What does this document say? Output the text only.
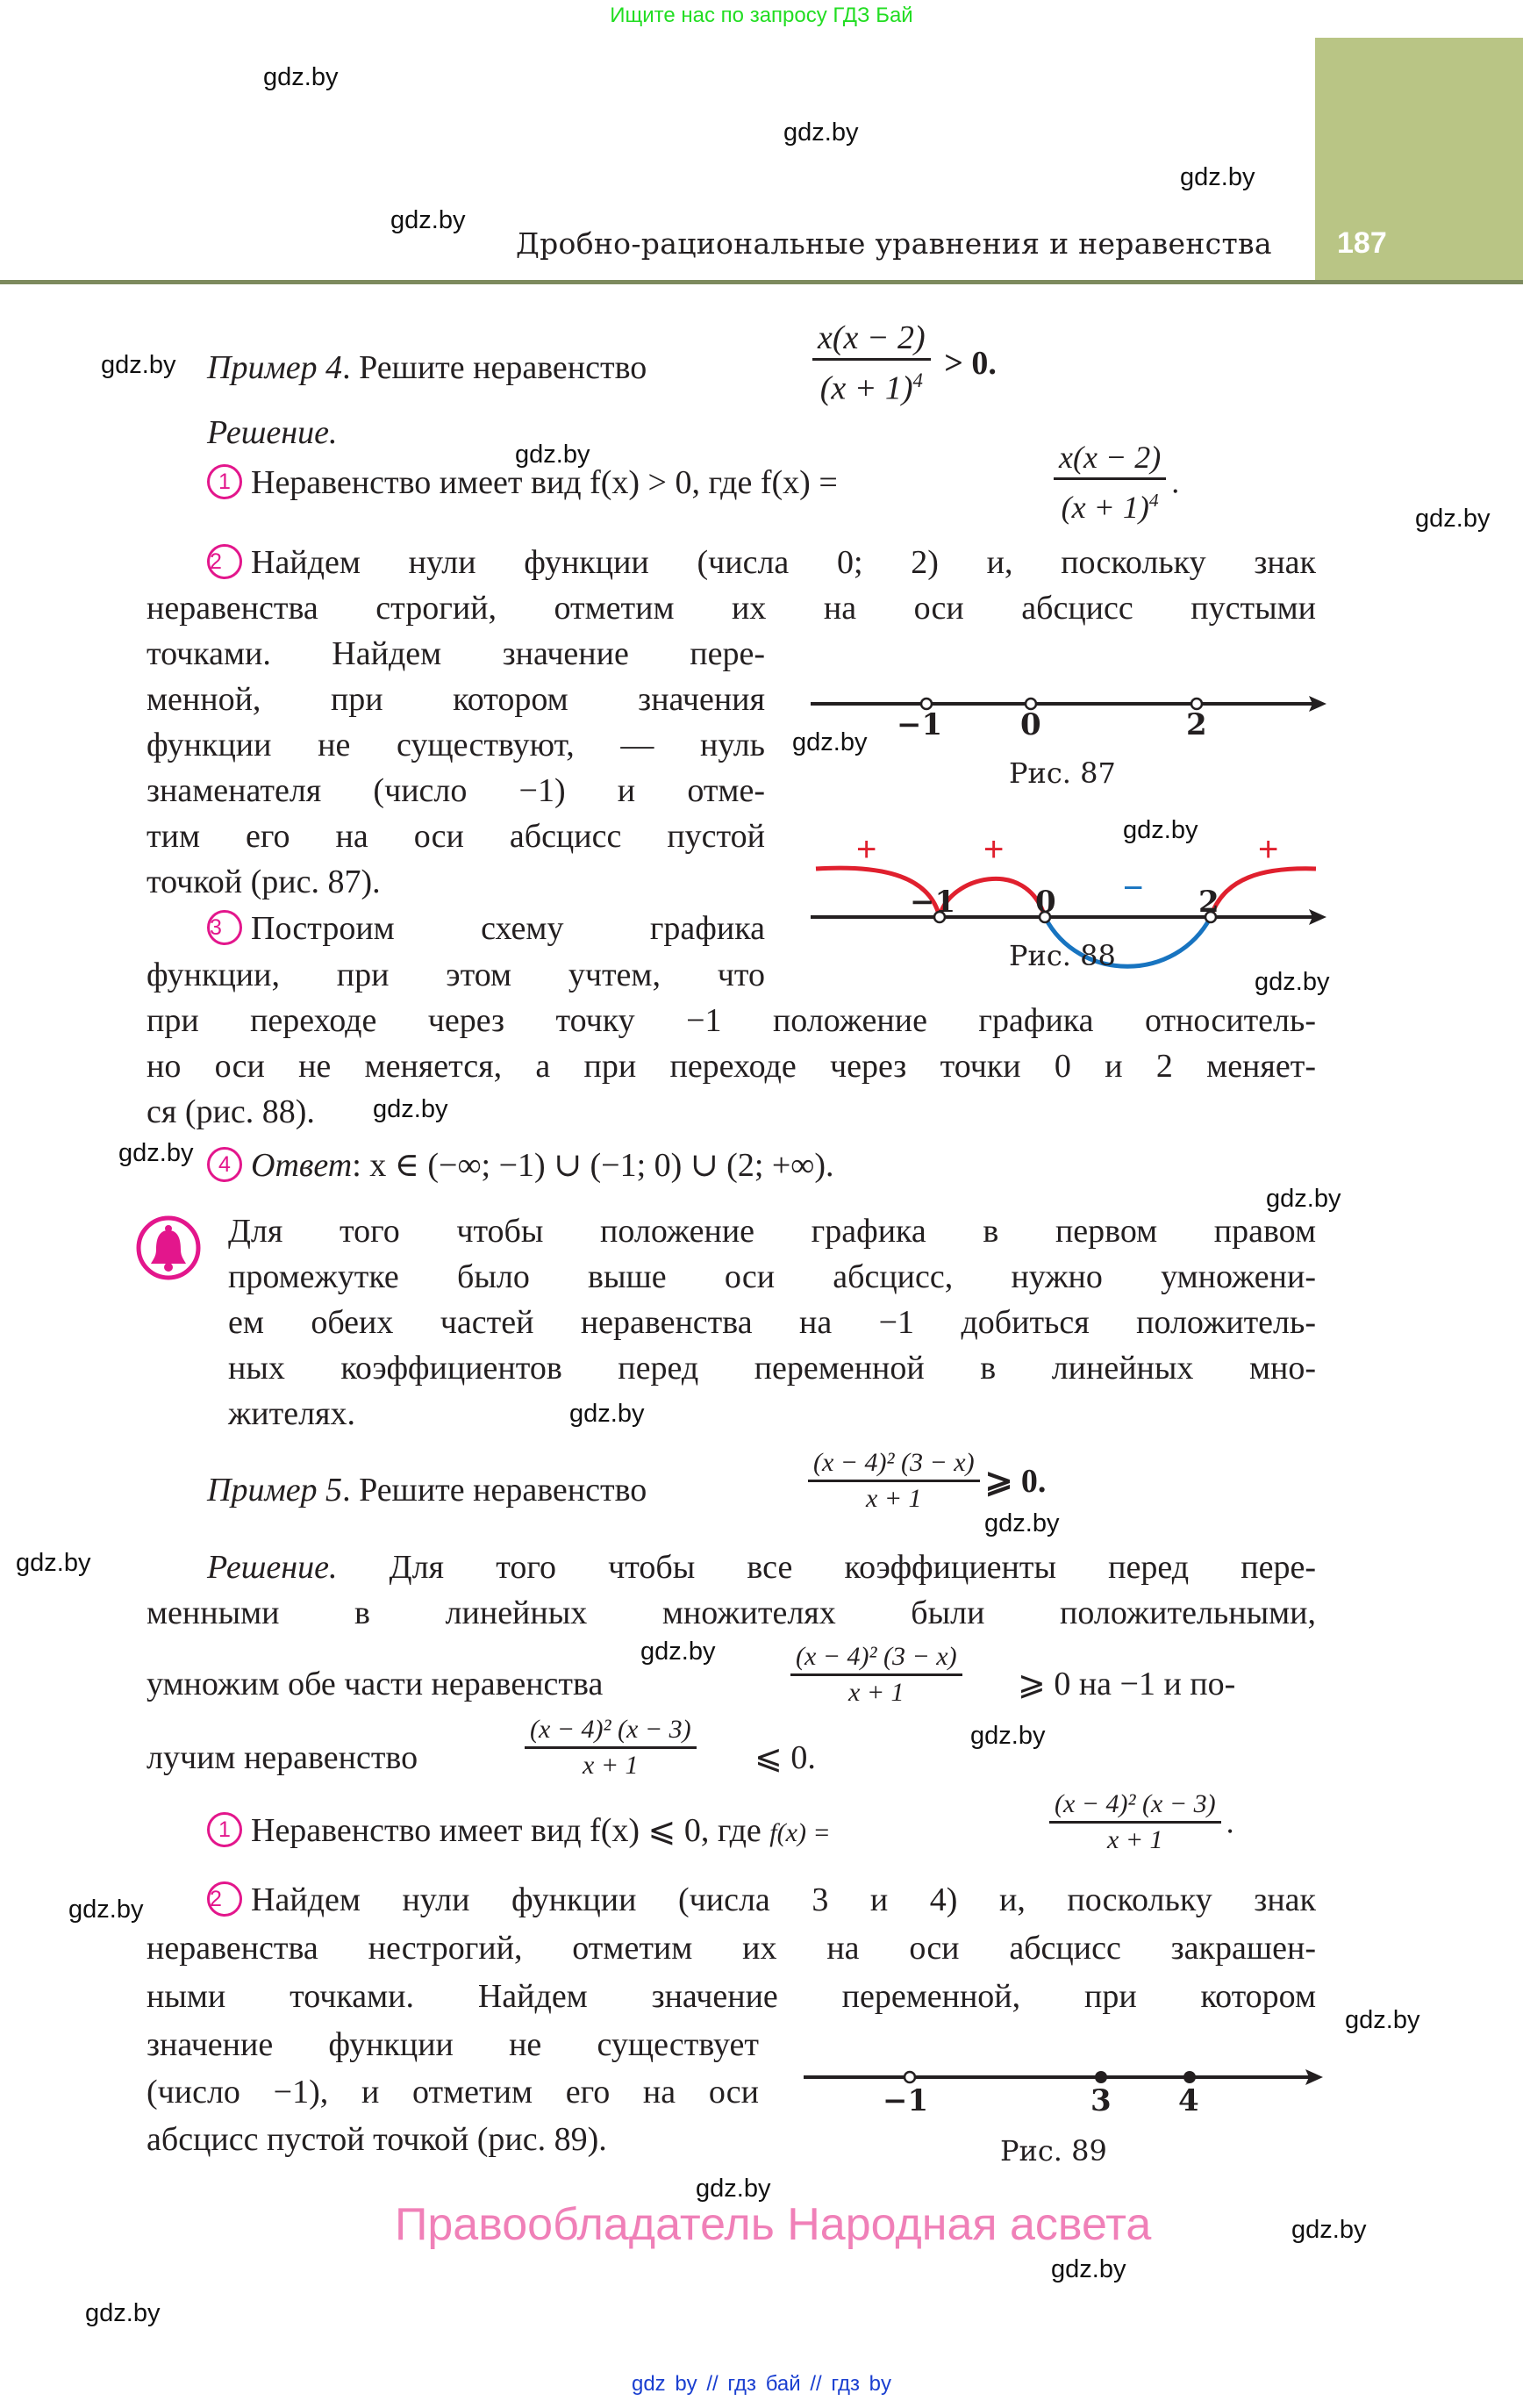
Ищите нас по запросу ГДЗ Бай
187
Дробно-рациональные уравнения и неравенства
gdz.by
gdz.by
gdz.by
gdz.by
gdz.by
gdz.by
gdz.by
gdz.by
gdz.by
gdz.by
gdz.by
gdz.by
gdz.by
gdz.by
gdz.by
gdz.by
gdz.by
gdz.by
gdz.by
gdz.by
gdz.by
gdz.by
gdz.by
gdz.by
Пример 4. Решите неравенство	$\frac{x(x - 2)}{(x + 1)^4} > 0$.
Решение.
1 Неравенство имеет вид f(x) > 0, где f(x) =	$\frac{x(x - 2)}{(x + 1)^4}$ .
2 Найдем нули функции (числа 0; 2) и, поскольку знак
неравенства строгий, отметим их на оси абсцисс пустыми
точками. Найдем значение пере-
менной, при котором значения
функции не существуют, — нуль
знаменателя (число −1) и отме-
тим его на оси абсцисс пустой
точкой (рис. 87).
3 Построим схему графика
функции, при этом учтем, что
при переходе через точку −1 положение графика относитель-
но оси не меняется, а при переходе через точки 0 и 2 меняет-
ся (рис. 88).
4 Ответ: x ∈ (−∞; −1) ∪ (−1; 0) ∪ (2; +∞).
−1	0	2
Рис. 87
+	+
−
+
−1	0	2
Рис. 88
Для того чтобы положение графика в первом правом
промежутке было выше оси абсцисс, нужно умножени-
ем обеих частей неравенства на −1 добиться положитель-
ных коэффициентов перед переменной в линейных мно-
жителях.
Пример 5. Решите неравенство	$\frac{\text{(x − 4)² (3 − x)}}{x + 1}$ ⩾ 0.
Решение. Для того чтобы все коэффициенты перед пере-
менными в линейных множителях были положительными,
умножим обе части неравенства	$\frac{\text{(x − 4)² (3 − x)}}{x + 1}$ ⩾ 0 на −1 и по-
лучим неравенство	$\frac{\text{(x − 4)² (x − 3)}}{x + 1}$ ⩽ 0.
1 Неравенство имеет вид f(x) ⩽ 0, где f(x) =	$\frac{\text{(x − 4)² (x − 3)}}{x + 1}$ .
2 Найдем нули функции (числа 3 и 4) и, поскольку знак
неравенства нестрогий, отметим их на оси абсцисс закрашен-
ными точками. Найдем значение переменной, при котором
значение функции не существует
(число −1), и отметим его на оси
абсцисс пустой точкой (рис. 89).
−1	3 4
Рис. 89
Правообладатель Народная асвета
gdz by // гдз бай // гдз by
